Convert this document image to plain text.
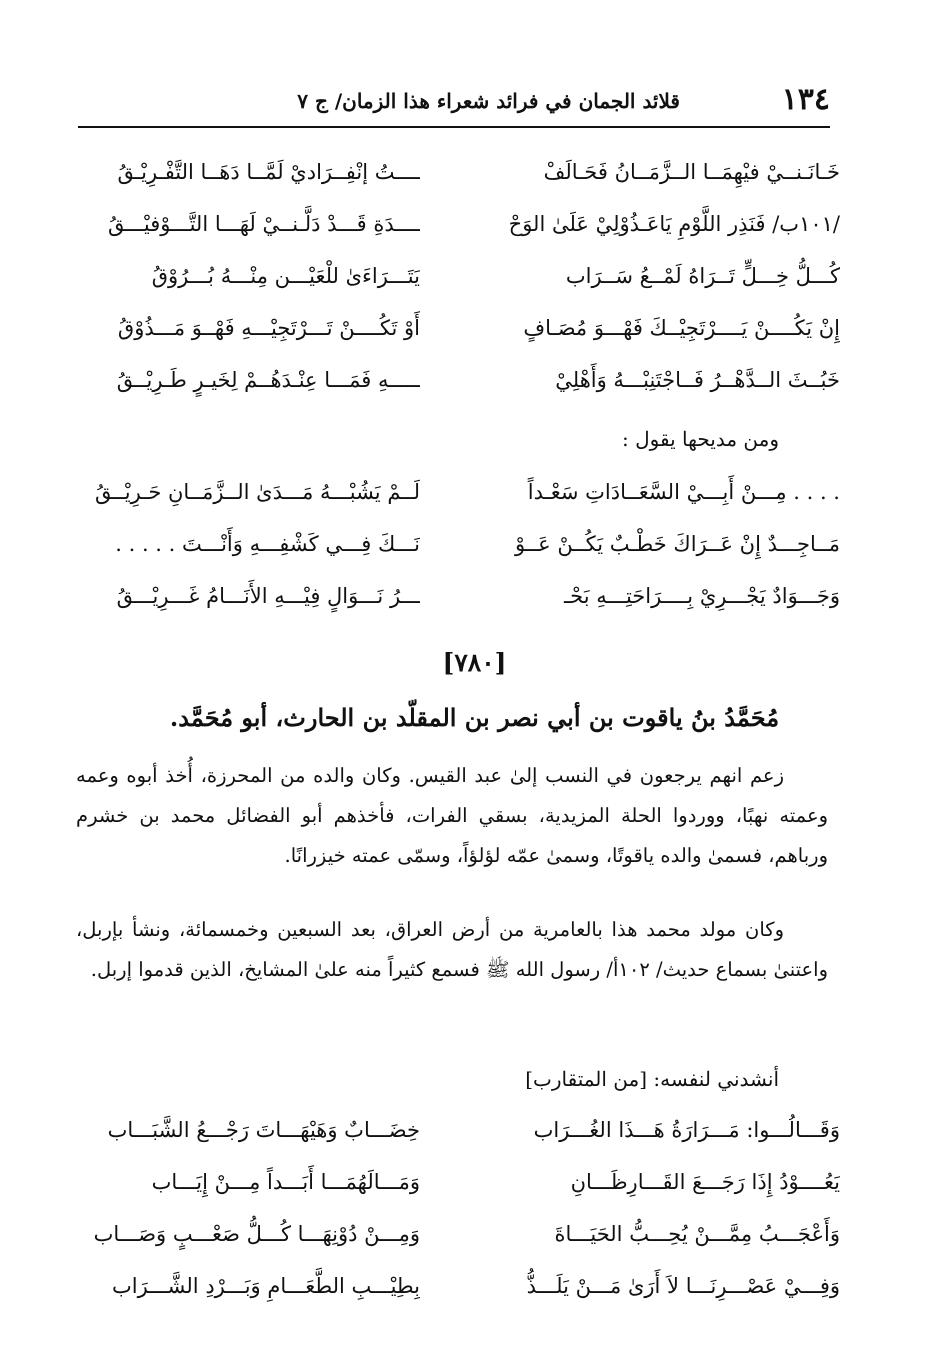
١٣٤
قلائد الجمان في فرائد شعراء هذا الزمان/ ج ٧
خَـانَـنــيْ فيْهِمَــا الــزَّمَــانُ فَحَـالَفْ
ــــتُ إنْفِــرَاديْ لَمَّــا دَهَــا التَّفْـرِيْـقُ
/١٠١ب/ فَنَذِر اللَّوْمِ يَاعَـذُوْلِيْ عَلَىٰ الوَحْ
ــــدَةِ قَـــدْ دَلَّـنــيْ لَهَـــا التَّـــوْفيْـــقُ
كُـــلُّ خِـــلٍّ تَــرَاهُ لَمْــعُ سَــرَاب
يَتَـــرَاءَىٰ للْعَيْـــن مِنْـــهُ بُـــرُوْقُ
إِنْ يَكُــــنْ يَــــرْتَجِيْــكَ فَهْـــوَ مُصَـافٍ
أَوْ تَكُــــنْ تَـــرْتَجِيْـــهِ فَهْــوَ مَـــذُوْقُ
خَبُــثَ الــدَّهْــرُ فَــاجْتَنِبْـــهُ وَأَهْلِيْ
ـــــهِ فَمَـــا عِنْـدَهُــمْ لِخَيـرٍ طَـرِيْــقُ
ومن مديحها يقول :
. . . . مِـــنْ أَبِـــيْ السَّعَــادَاتِ سَعْـداً
لَــمْ يَشُبْـــهُ مَـــدَىٰ الــزَّمَــانِ حَـرِيْــقُ
مَــاجِـــدٌ إِنْ عَــرَاكَ خَطْـبٌ يَكُــنْ عَــوْ
نَـــكَ فِـــي كَشْفِـــهِ وَأَنْـــتَ . . . . .
وَجَـــوَادٌ يَجْـــرِيْ بِــــرَاحَتِـــهِ بَحْـ
ـــرُ نَـــوَالٍ فِيْـــهِ الأَنَـــامُ غَـــرِيْـــقُ
[٧٨٠]
مُحَمَّدُ بنُ ياقوت بن أبي نصر بن المقلّد بن الحارث، أبو مُحَمَّد.
زعم انهم يرجعون في النسب إلىٰ عبد القيس. وكان والده من المحرزة، أُخذ أبوه وعمه وعمته نهبًا، ووردوا الحلة المزيدية، بسقي الفرات، فأخذهم أبو الفضائل محمد بن خشرم ورباهم، فسمىٰ والده ياقوتًا، وسمىٰ عمّه لؤلؤاً، وسمّى عمته خيزرانًا.
وكان مولد محمد هذا بالعامرية من أرض العراق، بعد السبعين وخمسمائة، ونشأ بإربل، واعتنىٰ بسماع حديث/ ١٠٢أ/ رسول الله ﷺ فسمع كثيراً منه علىٰ المشايخ، الذين قدموا إربل.
أنشدني لنفسه: [من المتقارب]
وَقَـــالُـــوا: مَـــرَارَةُ هَـــذَا الغُـــرَاب
خِضَـــابٌ وَهَيْهَـــاتَ رَجْـــعُ الشَّبَـــاب
يَعُــــوْدُ إِذَا رَجَـــعَ القَـــارِظَـــانِ
وَمَـــالَهُمَـــا أَبَـــداً مِـــنْ إِيَـــاب
وَأَعْجَـــبُ مِمَّـــنْ يُحِـــبُّ الحَيَـــاةَ
وَمِـــنْ دُوْنِهَـــا كُـــلُّ صَعْـــبٍ وَصَـــاب
وَفِـــيْ عَصْـــرِنَـــا لاَ أَرَىٰ مَـــنْ يَلَـــذُّ
بِطِيْـــبِ الطَّعَـــامِ وَبَـــرْدِ الشَّـــرَاب
